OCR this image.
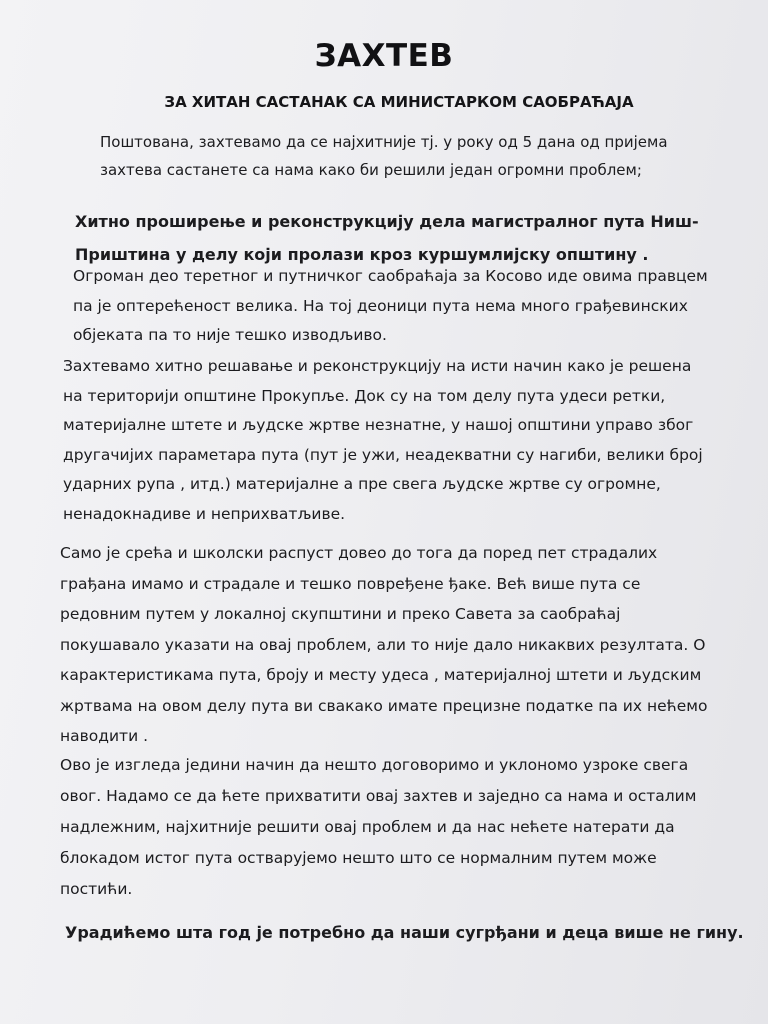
ЗАХТЕВ
ЗА ХИТАН САСТАНАК СА МИНИСТАРКОМ САОБРАЋАЈА
Поштована, захтевамо да се најхитније тј. у року од 5 дана од пријема
захтева састанете са нама како би решили један огромни проблем;
Хитно проширење и реконструкцију дела магистралног пута Ниш-
Приштина у делу који пролази кроз куршумлијску општину .
Огроман део теретног и путничког саобраћаја за Косово иде овима правцем
па је оптерећеност велика. На тој деоници пута нема много грађевинских
објеката па то није тешко изводљиво.
Захтевамо хитно решавање и реконструкцију на исти начин како је решена
на територији општине Прокупље. Док су на том делу пута удеси ретки,
материјалне штете и људске жртве незнатне, у нашој општини управо због
другачијих параметара пута (пут је ужи, неадекватни су нагиби, велики број
ударних рупа , итд.) материјалне а пре свега људске жртве су огромне,
ненадокнадиве и неприхватљиве.
Само је срећа и школски распуст довео до тога да поред пет страдалих
грађана имамо и страдале и тешко повређене ђаке. Већ више пута се
редовним путем у локалној скупштини и преко Савета за саобраћај
покушавало указати на овај проблем, али то није дало никаквих резултата. О
карактеристикама пута, броју и месту удеса , материјалној штети и људским
жртвама на овом делу пута ви свакако имате прецизне податке па их нећемо
наводити .
Ово је изгледа једини начин да нешто договоримо и уклономо узроке свега
овог. Надамо се да ћете прихватити овај захтев и заједно са нама и осталим
надлежним, најхитније решити овај проблем и да нас нећете натерати да
блокадом истог пута остварујемо нешто што се нормалним путем може
постићи.
Урадићемо шта год је потребно да наши сугрђани и деца више не гину.
